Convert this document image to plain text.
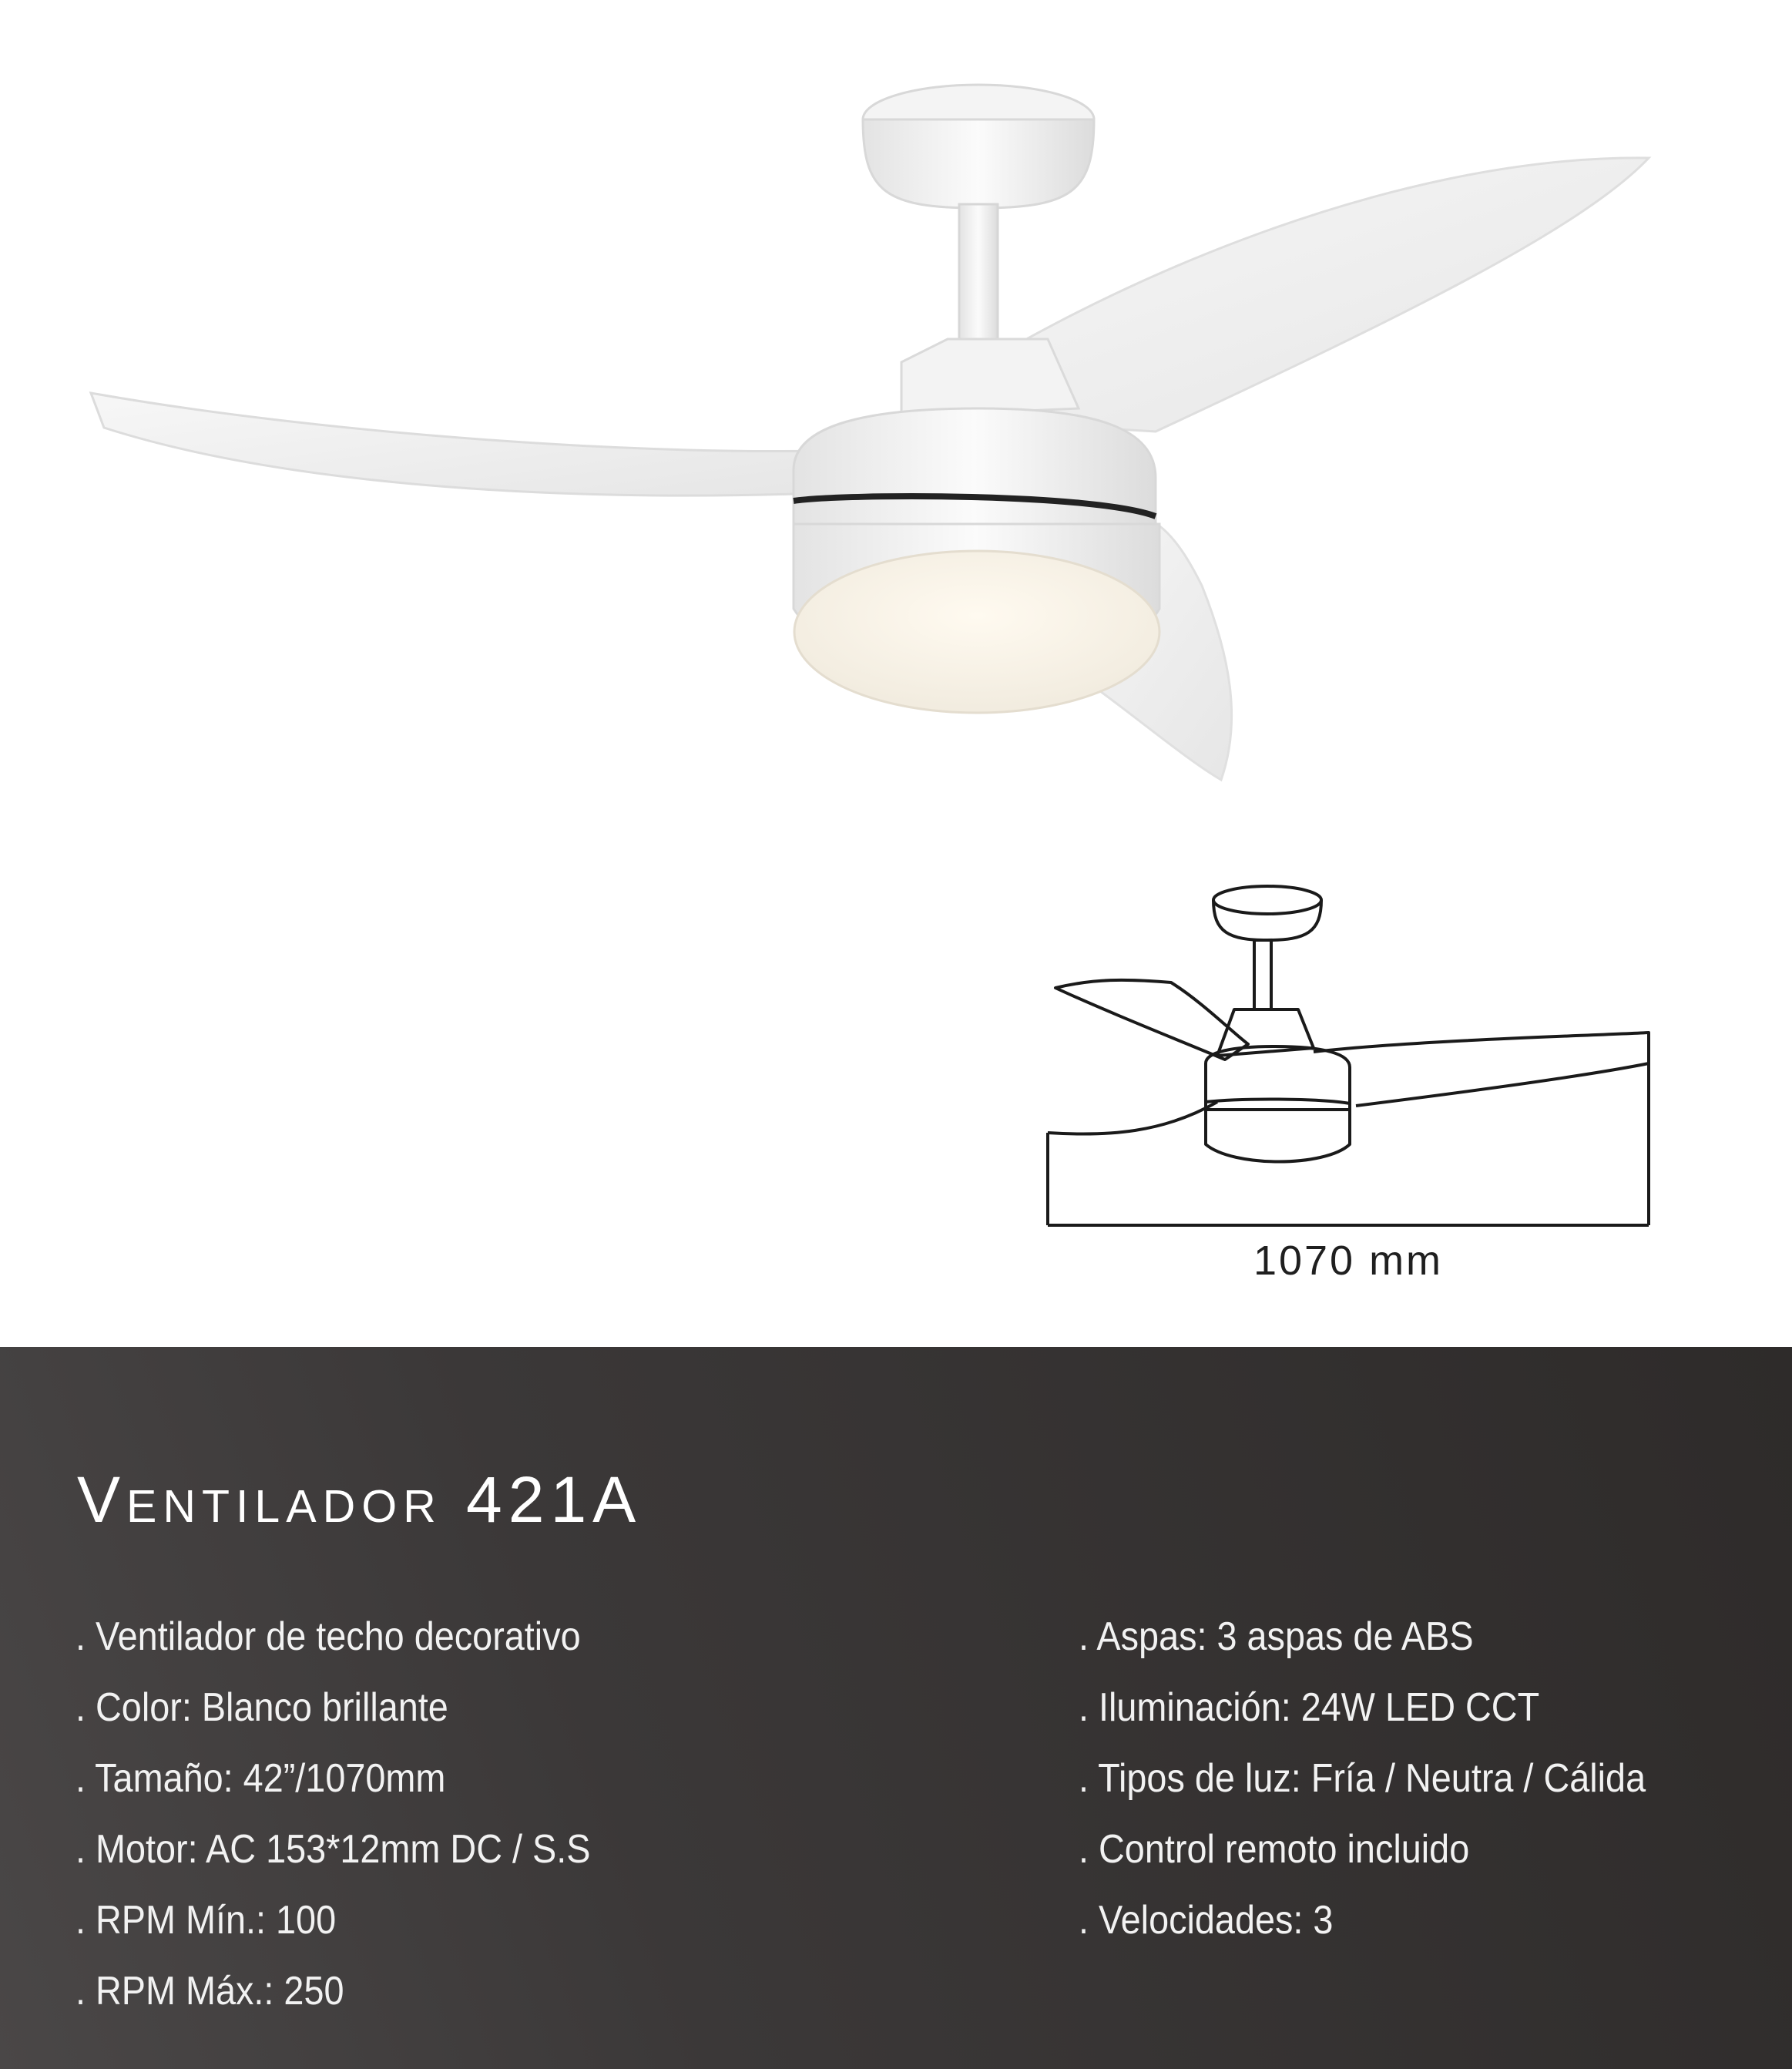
1070 mm
Ventilador 421A
. Ventilador de techo decorativo
. Color: Blanco brillante
. Tamaño: 42”/1070mm
. Motor: AC 153*12mm DC / S.S
. RPM Mín.: 100
. RPM Máx.: 250
. Aspas: 3 aspas de ABS
. Iluminación: 24W LED CCT
. Tipos de luz: Fría / Neutra / Cálida
. Control remoto incluido
. Velocidades: 3
